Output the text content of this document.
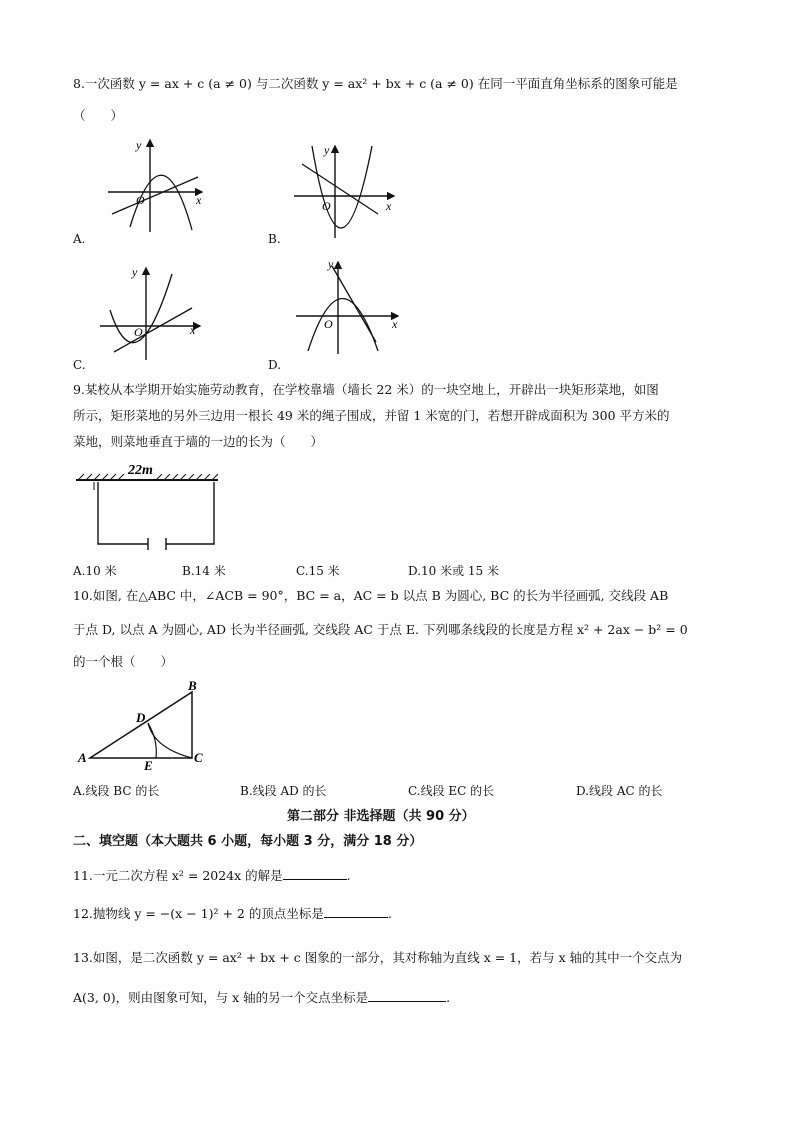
8.一次函数 y = ax + c (a ≠ 0) 与二次函数 y = ax² + bx + c (a ≠ 0) 在同一平面直角坐标系的图象可能是
（　　）
y
x
O
A.
y
x
O
B.
y
x
O
C.
y
x
O
D.
9.某校从本学期开始实施劳动教育，在学校靠墙（墙长 22 米）的一块空地上，开辟出一块矩形菜地，如图
所示，矩形菜地的另外三边用一根长 49 米的绳子围成，并留 1 米宽的门，若想开辟成面积为 300 平方米的
菜地，则菜地垂直于墙的一边的长为（　　）
22m
A.10 米	B.14 米	C.15 米	D.10 米或 15 米
10.如图, 在△ABC 中，∠ACB = 90°，BC = a，AC = b 以点 B 为圆心, BC 的长为半径画弧, 交线段 AB
于点 D, 以点 A 为圆心, AD 长为半径画弧, 交线段 AC 于点 E. 下列哪条线段的长度是方程 x² + 2ax − b² = 0
的一个根（　　）
A
B
C
D
E
A.线段 BC 的长	B.线段 AD 的长	C.线段 EC 的长	D.线段 AC 的长
第二部分 非选择题（共 90 分）
二、填空题（本大题共 6 小题，每小题 3 分，满分 18 分）
11.一元二次方程 x² = 2024x 的解是	.
12.抛物线 y = −(x − 1)² + 2 的顶点坐标是	.
13.如图，是二次函数 y = ax² + bx + c 图象的一部分，其对称轴为直线 x = 1，若与 x 轴的其中一个交点为
A(3, 0)，则由图象可知，与 x 轴的另一个交点坐标是	.
